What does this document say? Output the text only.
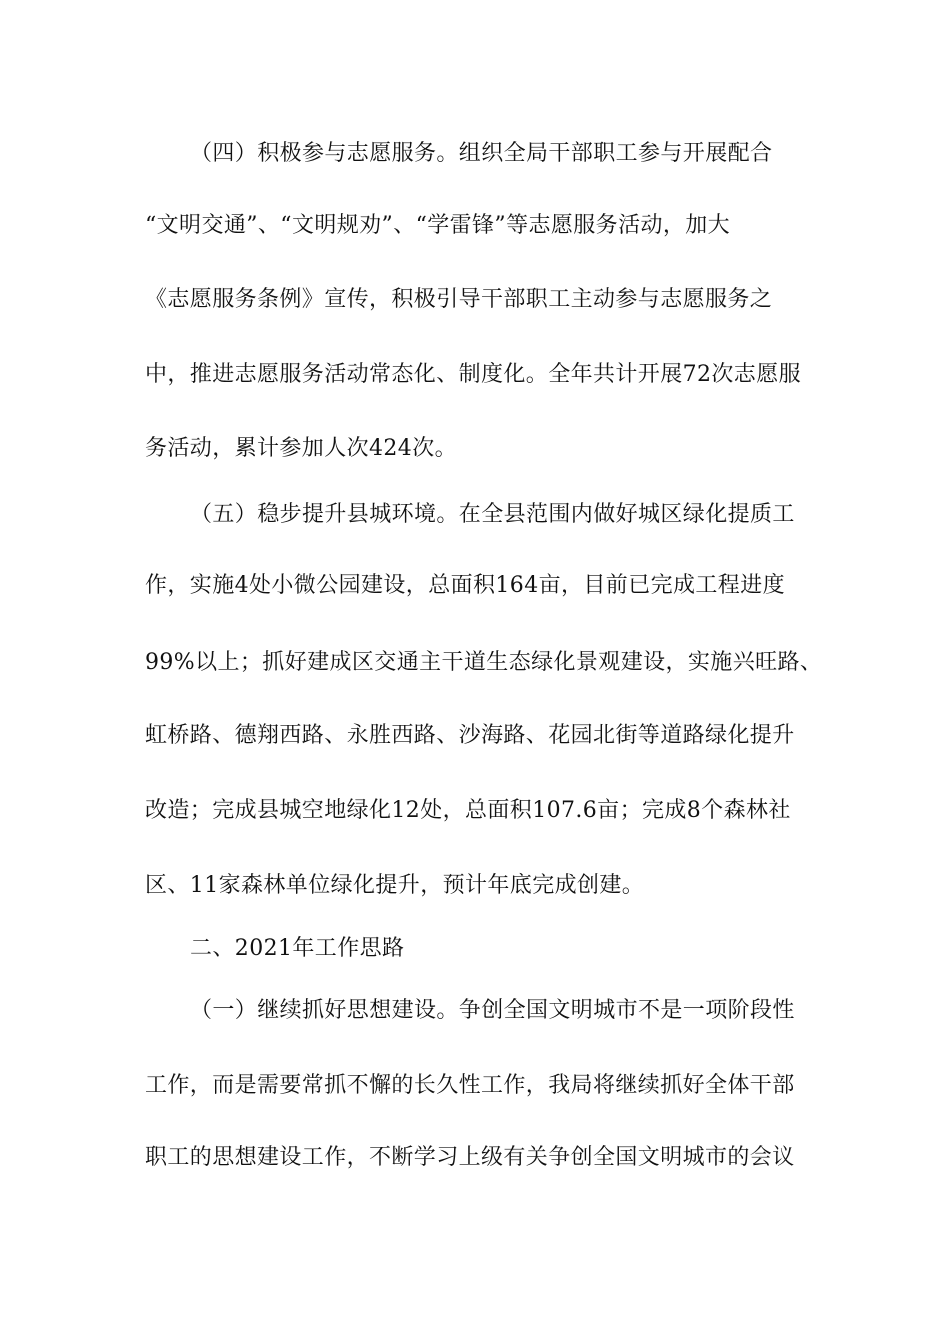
（四）积极参与志愿服务。组织全局干部职工参与开展配合
“文明交通”、“文明规劝”、“学雷锋”等志愿服务活动，加大
《志愿服务条例》宣传，积极引导干部职工主动参与志愿服务之
中，推进志愿服务活动常态化、制度化。全年共计开展72次志愿服
务活动，累计参加人次424次。
（五）稳步提升县城环境。在全县范围内做好城区绿化提质工
作，实施4处小微公园建设，总面积164亩，目前已完成工程进度
99%以上；抓好建成区交通主干道生态绿化景观建设，实施兴旺路、
虹桥路、德翔西路、永胜西路、沙海路、花园北街等道路绿化提升
改造；完成县城空地绿化12处，总面积107.6亩；完成8个森林社
区、11家森林单位绿化提升，预计年底完成创建。
二、2021年工作思路
（一）继续抓好思想建设。争创全国文明城市不是一项阶段性
工作，而是需要常抓不懈的长久性工作，我局将继续抓好全体干部
职工的思想建设工作，不断学习上级有关争创全国文明城市的会议
